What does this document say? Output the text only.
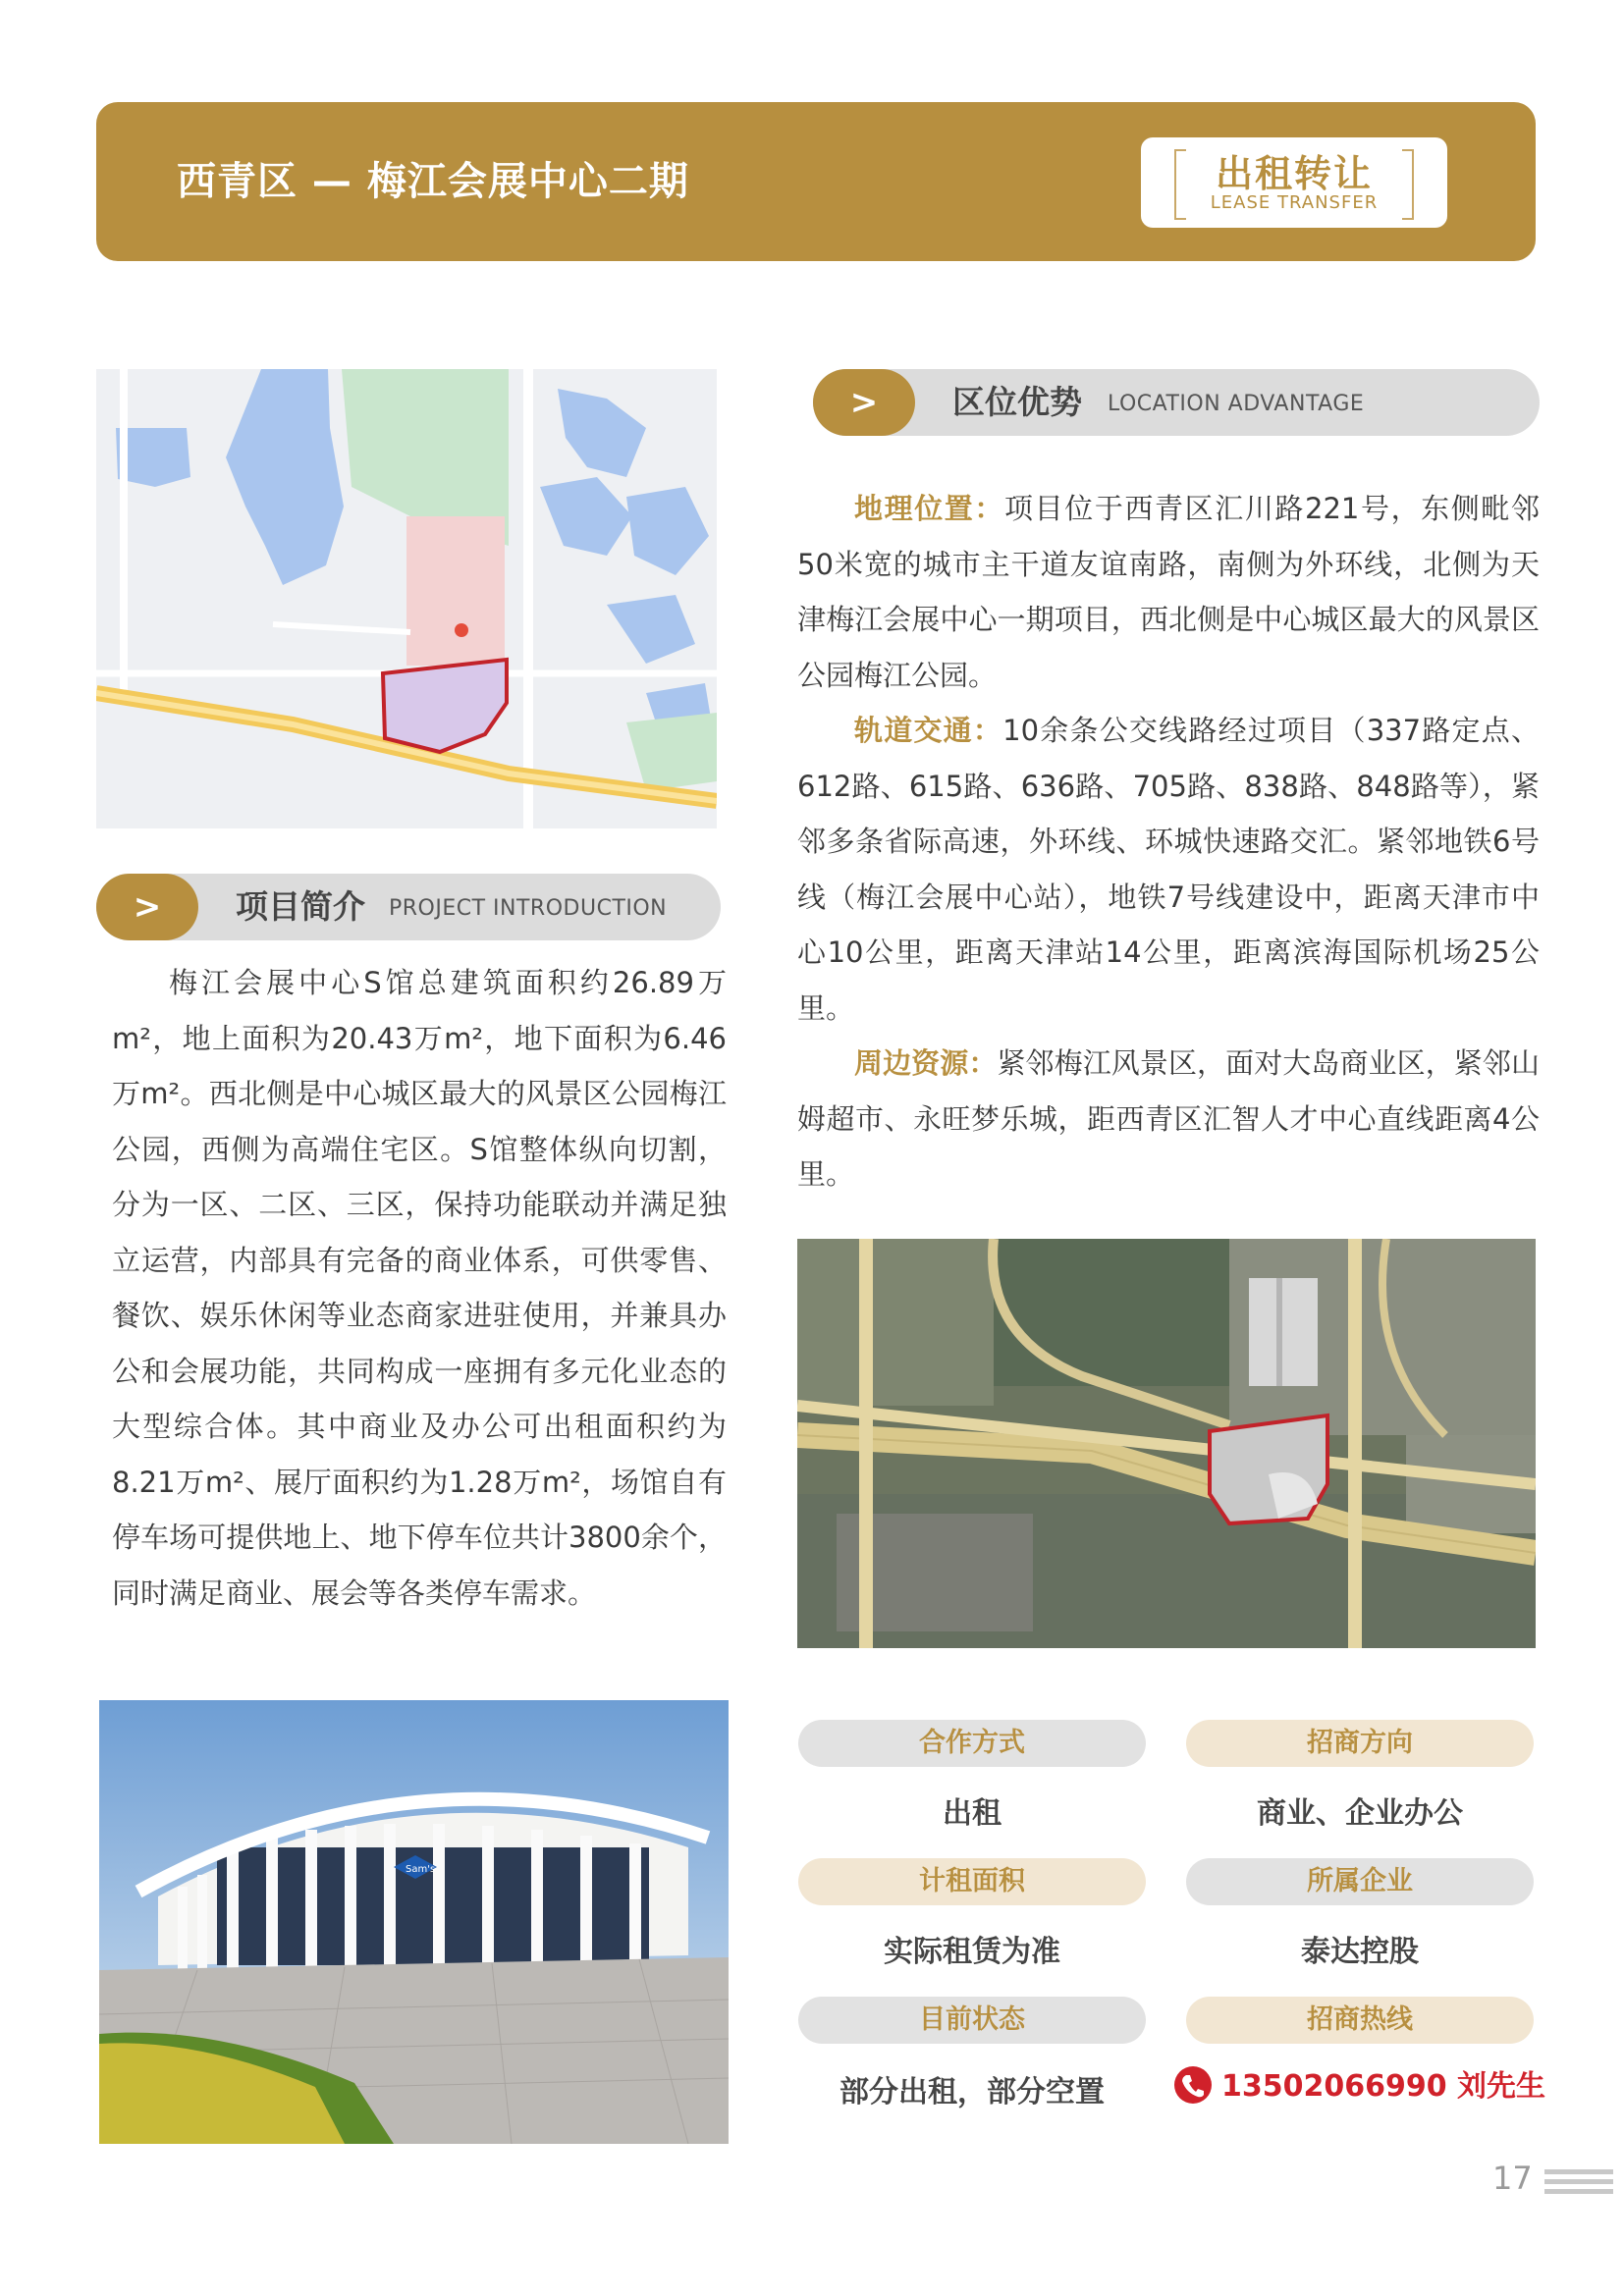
西青区 — 梅江会展中心二期	出租转让
LEASE TRANSFER
>	项目简介 PROJECT INTRODUCTION

梅江会展中心S馆总建筑面积约26.89万m²，地上面积为20.43万m²，地下面积为6.46万m²。西北侧是中心城区最大的风景区公园梅江公园，西侧为高端住宅区。S馆整体纵向切割，分为一区、二区、三区，保持功能联动并满足独立运营，内部具有完备的商业体系，可供零售、餐饮、娱乐休闲等业态商家进驻使用，并兼具办公和会展功能，共同构成一座拥有多元化业态的大型综合体。其中商业及办公可出租面积约为8.21万m²、展厅面积约为1.28万m²，场馆自有停车场可提供地上、地下停车位共计3800余个，同时满足商业、展会等各类停车需求。

Sam's
>	区位优势 LOCATION ADVANTAGE

地理位置：项目位于西青区汇川路221号，东侧毗邻50米宽的城市主干道友谊南路，南侧为外环线，北侧为天津梅江会展中心一期项目，西北侧是中心城区最大的风景区公园梅江公园。

轨道交通：10余条公交线路经过项目（337路定点、612路、615路、636路、705路、838路、848路等），紧邻多条省际高速，外环线、环城快速路交汇。紧邻地铁6号线（梅江会展中心站），地铁7号线建设中，距离天津市中心10公里，距离天津站14公里，距离滨海国际机场25公里。

周边资源：紧邻梅江风景区，面对大岛商业区，紧邻山姆超市、永旺梦乐城，距西青区汇智人才中心直线距离4公里。

合作方式	招商方向
出租	商业、企业办公
计租面积	所属企业
实际租赁为准	泰达控股
目前状态	招商热线
部分出租，部分空置	13502066990 刘先生
17
